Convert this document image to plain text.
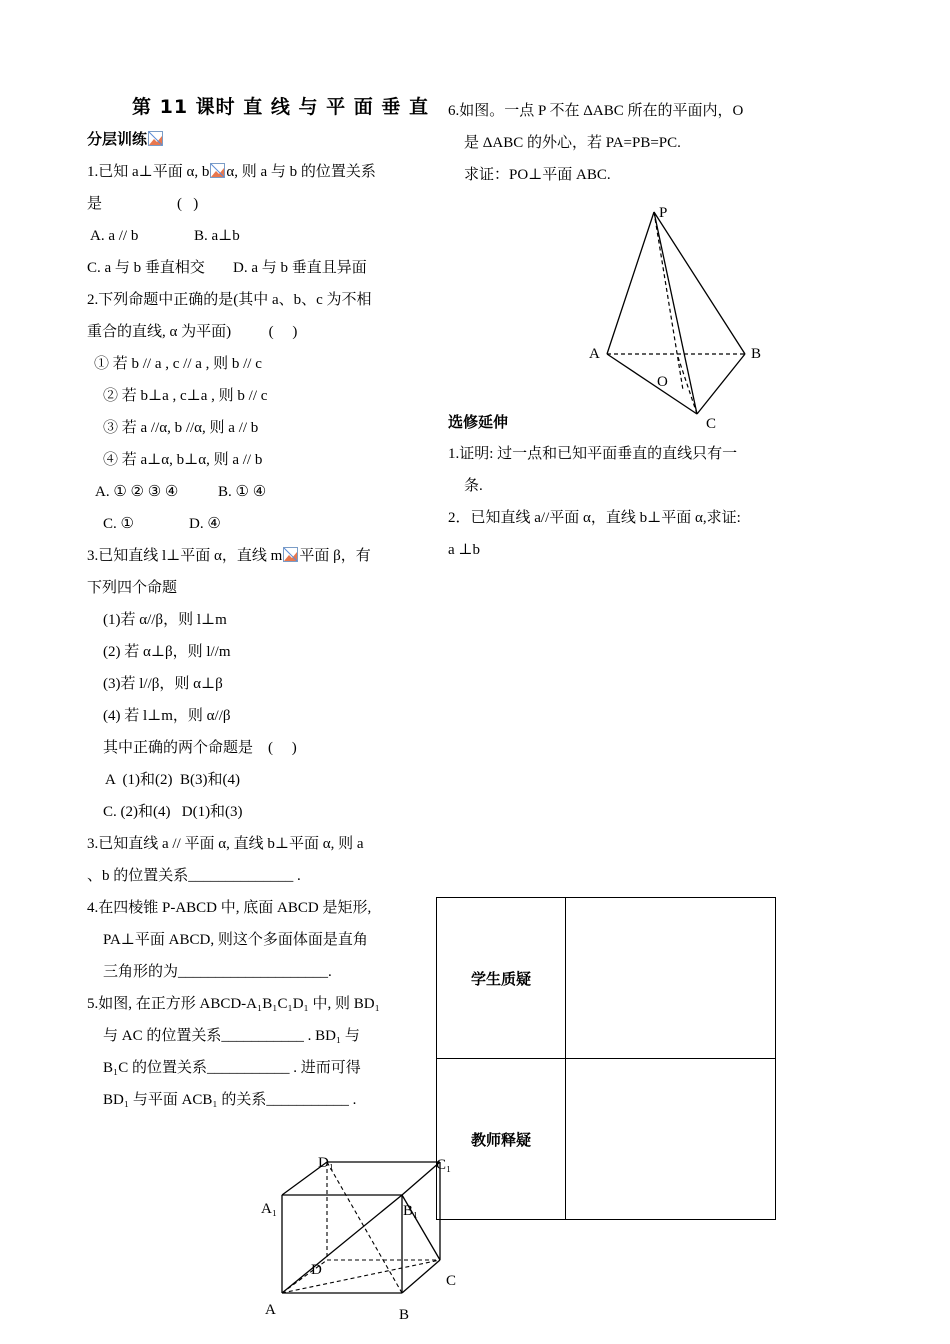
第 11 课时 直 线 与 平 面 垂 直
分层训练
1.已知 a⊥平面 α, b α, 则 a 与 b 的位置关系
是                    (   )
A. a // b	B. a⊥b
C. a 与 b 垂直相交 D. a 与 b 垂直且异面
2.下列命题中正确的是(其中 a、b、c 为不相
重合的直线, α 为平面)          (     )
① 若 b // a , c // a , 则 b // c
② 若 b⊥a , c⊥a , 则 b // c
③ 若 a //α, b //α, 则 a // b
④ 若 a⊥α, b⊥α, 则 a // b
A. ① ② ③ ④	B. ① ④
C. ①	D. ④
3.已知直线 l⊥平面 α，直线 m 平面 β，有
下列四个命题
(1)若 α//β，则 l⊥m
(2) 若 α⊥β，则 l//m
(3)若 l//β，则 α⊥β
(4) 若 l⊥m，则 α//β
其中正确的两个命题是    (     )
A  (1)和(2)  B(3)和(4)
C. (2)和(4)   D(1)和(3)
3.已知直线 a // 平面 α, 直线 b⊥平面 α, 则 a
、b 的位置关系______________ .
4.在四棱锥 P-ABCD 中, 底面 ABCD 是矩形,
PA⊥平面 ABCD, 则这个多面体面是直角
三角形的为____________________.
5.如图, 在正方形 ABCD-A₁B₁C₁D₁ 中, 则 BD₁
与 AC 的位置关系___________ . BD₁ 与
B₁C 的位置关系___________ . 进而可得
BD₁ 与平面 ACB₁ 的关系___________ .
6.如图。一点 P 不在 ΔABC 所在的平面内，O
是 ΔABC 的外心，若 PA=PB=PC.
求证：PO⊥平面 ABC.
P
A	B
C
O
选修延伸
1.证明: 过一点和已知平面垂直的直线只有一
条.
2．已知直线 a//平面 α，直线 b⊥平面 α,求证:
a ⊥b
学生质疑	
教师释疑	
D₁	C₁
A₁	B₁
D
C
A	B
